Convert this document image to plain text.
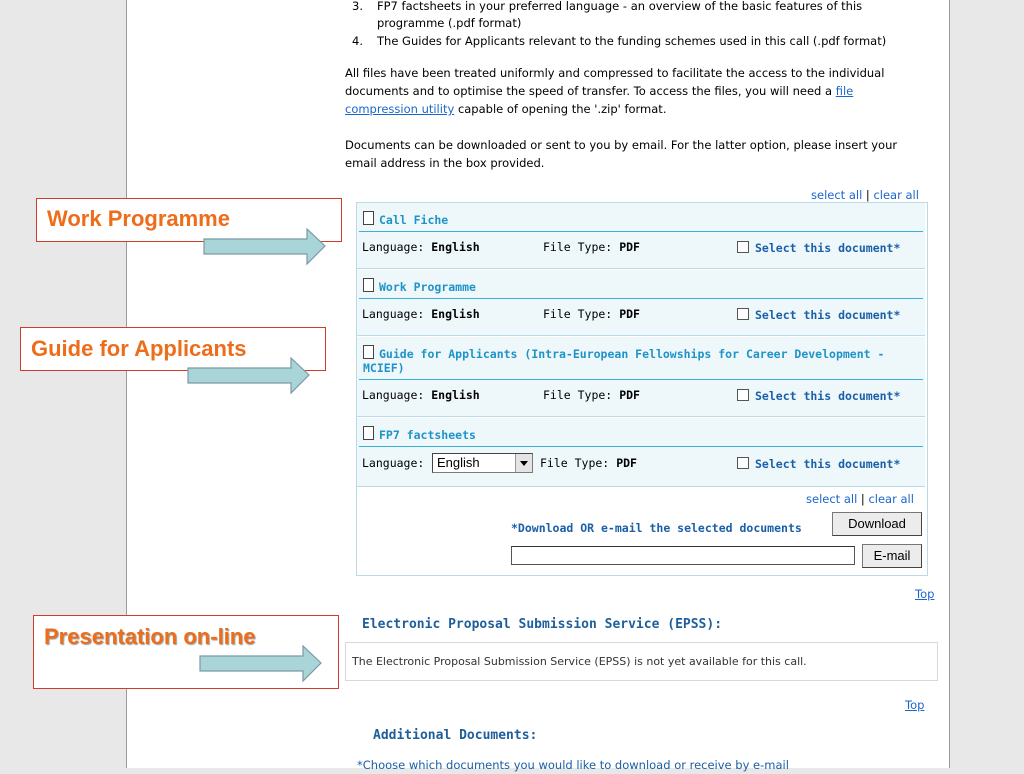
3. FP7 factsheets in your preferred language - an overview of the basic features of this
programme (.pdf format)
4. The Guides for Applicants relevant to the funding schemes used in this call (.pdf format)
All files have been treated uniformly and compressed to facilitate the access to the individual
documents and to optimise the speed of transfer. To access the files, you will need a file
compression utility capable of opening the '.zip' format.
Documents can be downloaded or sent to you by email. For the latter option, please insert your
email address in the box provided.
select all | clear all
Call Fiche
Language: English	File Type: PDF	Select this document*
Work Programme
Language: English	File Type: PDF	Select this document*
Guide for Applicants (Intra-European Fellowships for Career Development -
MCIEF)
Language: English	File Type: PDF	Select this document*
FP7 factsheets
Language: English	File Type: PDF	Select this document*
select all | clear all
*Download OR e-mail the selected documents	Download
E-mail
Top
Electronic Proposal Submission Service (EPSS):
The Electronic Proposal Submission Service (EPSS) is not yet available for this call.
Top
Additional Documents:
*Choose which documents you would like to download or receive by e-mail
Work Programme
Guide for Applicants
Presentation on-line
